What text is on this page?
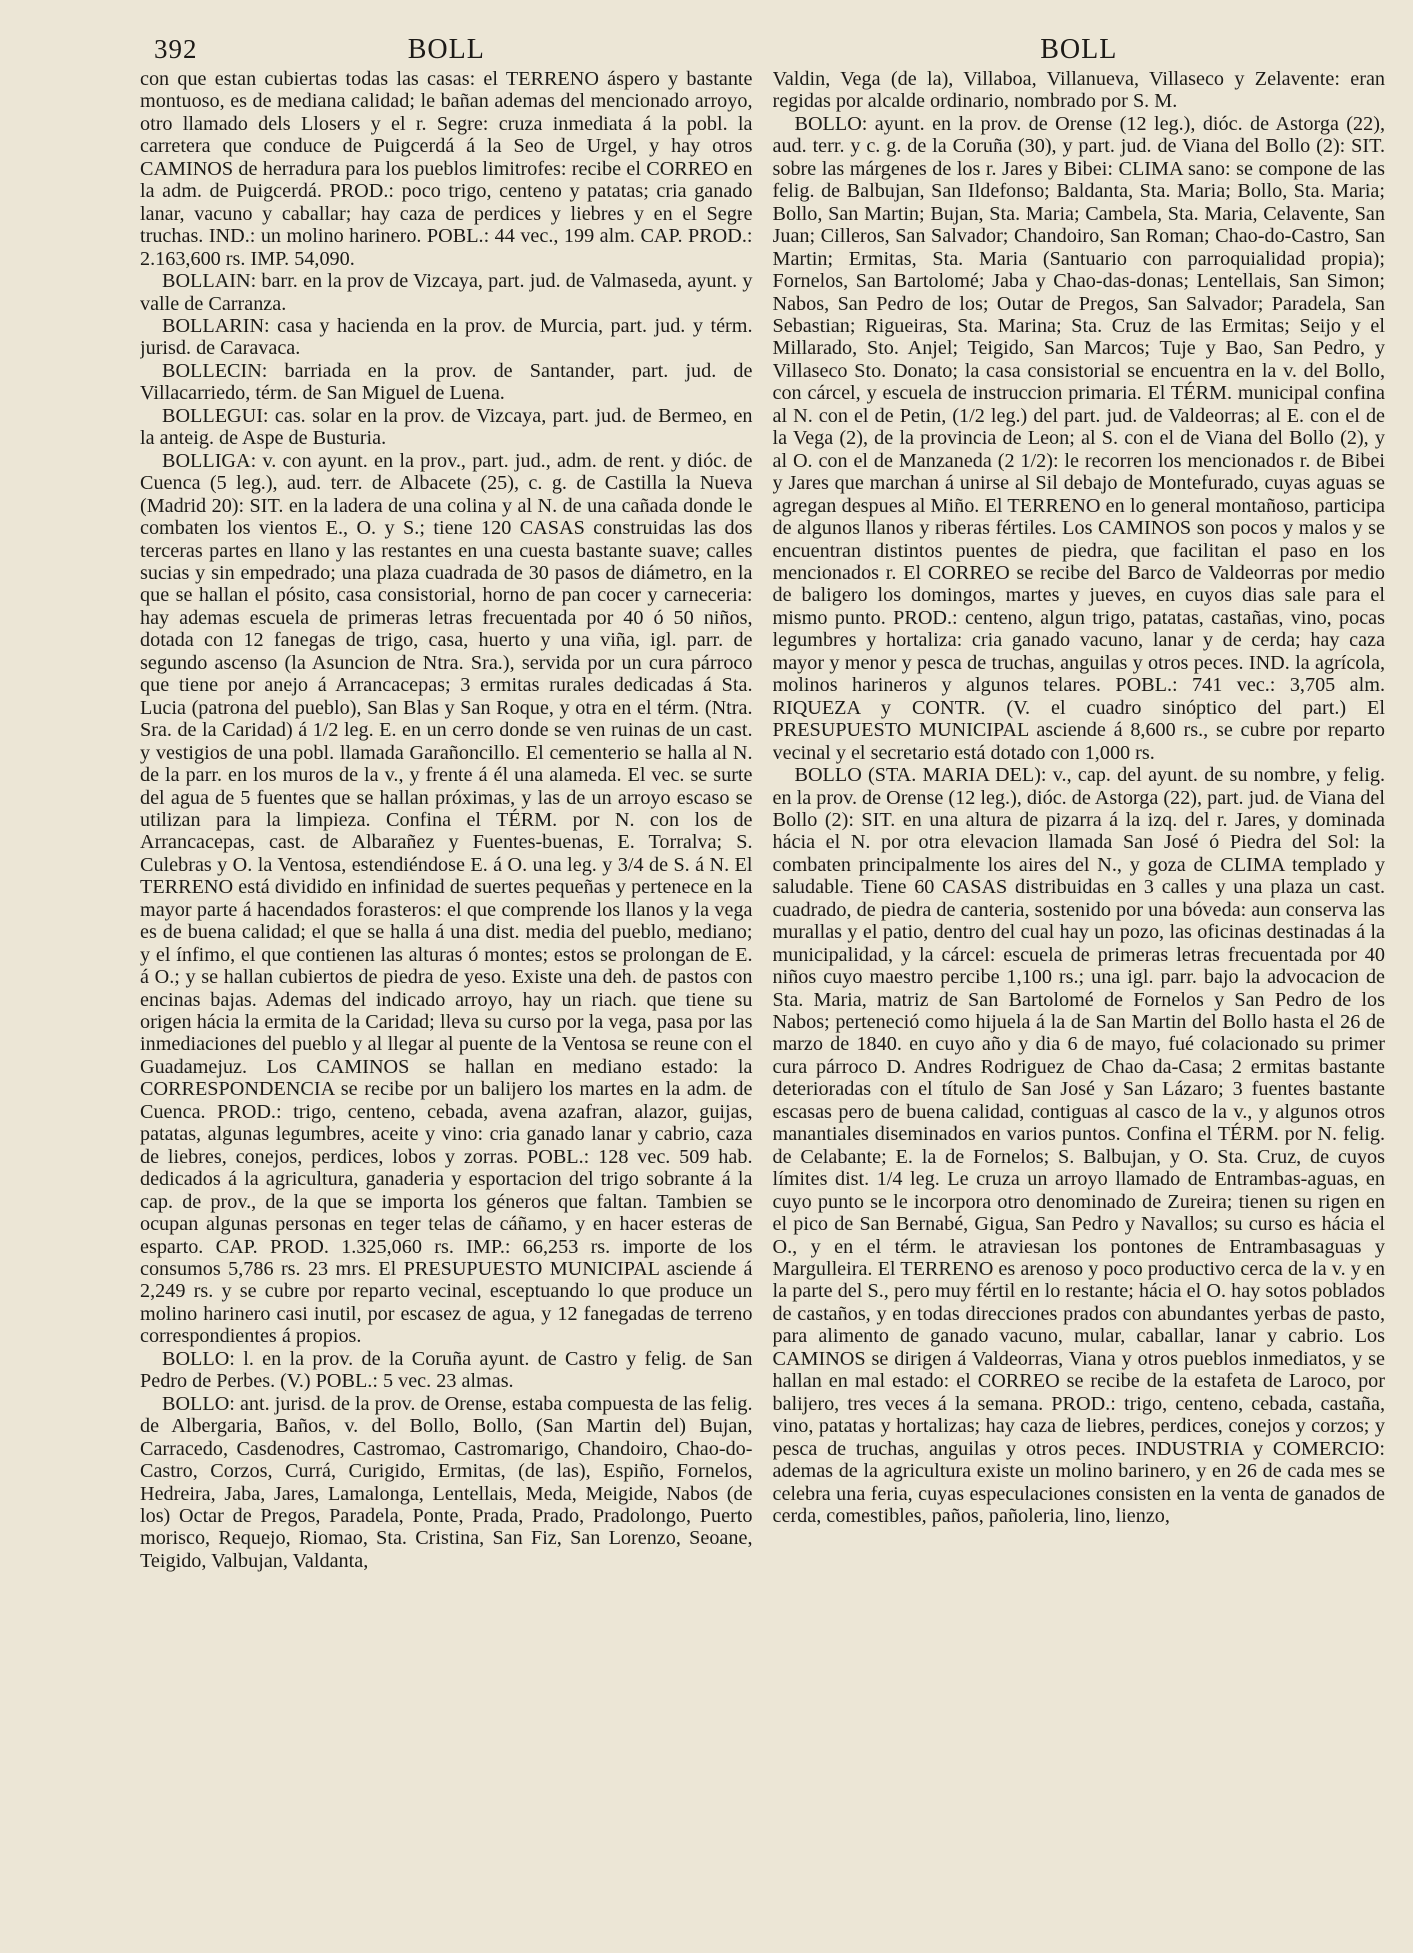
392	BOLL	BOLL

con que estan cubiertas todas las casas: el TERRENO áspero y bastante montuoso, es de mediana calidad; le bañan ademas del mencionado arroyo, otro llamado dels Llosers y el r. Segre: cruza inmediata á la pobl. la carretera que conduce de Puigcerdá á la Seo de Urgel, y hay otros CAMINOS de herradura para los pueblos limitrofes: recibe el CORREO en la adm. de Puigcerdá. PROD.: poco trigo, centeno y patatas; cria ganado lanar, vacuno y caballar; hay caza de perdices y liebres y en el Segre truchas. IND.: un molino harinero. POBL.: 44 vec., 199 alm. CAP. PROD.: 2.163,600 rs. IMP. 54,090.

BOLLAIN: barr. en la prov de Vizcaya, part. jud. de Valmaseda, ayunt. y valle de Carranza.

BOLLARIN: casa y hacienda en la prov. de Murcia, part. jud. y térm. jurisd. de Caravaca.

BOLLECIN: barriada en la prov. de Santander, part. jud. de Villacarriedo, térm. de San Miguel de Luena.

BOLLEGUI: cas. solar en la prov. de Vizcaya, part. jud. de Bermeo, en la anteig. de Aspe de Busturia.

BOLLIGA: v. con ayunt. en la prov., part. jud., adm. de rent. y dióc. de Cuenca (5 leg.), aud. terr. de Albacete (25), c. g. de Castilla la Nueva (Madrid 20): SIT. en la ladera de una colina y al N. de una cañada donde le combaten los vientos E., O. y S.; tiene 120 CASAS construidas las dos terceras partes en llano y las restantes en una cuesta bastante suave; calles sucias y sin empedrado; una plaza cuadrada de 30 pasos de diámetro, en la que se hallan el pósito, casa consistorial, horno de pan cocer y carneceria: hay ademas escuela de primeras letras frecuentada por 40 ó 50 niños, dotada con 12 fanegas de trigo, casa, huerto y una viña, igl. parr. de segundo ascenso (la Asuncion de Ntra. Sra.), servida por un cura párroco que tiene por anejo á Arrancacepas; 3 ermitas rurales dedicadas á Sta. Lucia (patrona del pueblo), San Blas y San Roque, y otra en el térm. (Ntra. Sra. de la Caridad) á 1/2 leg. E. en un cerro donde se ven ruinas de un cast. y vestigios de una pobl. llamada Garañoncillo. El cementerio se halla al N. de la parr. en los muros de la v., y frente á él una alameda. El vec. se surte del agua de 5 fuentes que se hallan próximas, y las de un arroyo escaso se utilizan para la limpieza. Confina el TÉRM. por N. con los de Arrancacepas, cast. de Albarañez y Fuentes-buenas, E. Torralva; S. Culebras y O. la Ventosa, estendiéndose E. á O. una leg. y 3/4 de S. á N. El TERRENO está dividido en infinidad de suertes pequeñas y pertenece en la mayor parte á hacendados forasteros: el que comprende los llanos y la vega es de buena calidad; el que se halla á una dist. media del pueblo, mediano; y el ínfimo, el que contienen las alturas ó montes; estos se prolongan de E. á O.; y se hallan cubiertos de piedra de yeso. Existe una deh. de pastos con encinas bajas. Ademas del indicado arroyo, hay un riach. que tiene su origen hácia la ermita de la Caridad; lleva su curso por la vega, pasa por las inmediaciones del pueblo y al llegar al puente de la Ventosa se reune con el Guadamejuz. Los CAMINOS se hallan en mediano estado: la CORRESPONDENCIA se recibe por un balijero los martes en la adm. de Cuenca. PROD.: trigo, centeno, cebada, avena azafran, alazor, guijas, patatas, algunas legumbres, aceite y vino: cria ganado lanar y cabrio, caza de liebres, conejos, perdices, lobos y zorras. POBL.: 128 vec. 509 hab. dedicados á la agricultura, ganaderia y esportacion del trigo sobrante á la cap. de prov., de la que se importa los géneros que faltan. Tambien se ocupan algunas personas en teger telas de cáñamo, y en hacer esteras de esparto. CAP. PROD. 1.325,060 rs. IMP.: 66,253 rs. importe de los consumos 5,786 rs. 23 mrs. El PRESUPUESTO MUNICIPAL asciende á 2,249 rs. y se cubre por reparto vecinal, esceptuando lo que produce un molino harinero casi inutil, por escasez de agua, y 12 fanegadas de terreno correspondientes á propios.

BOLLO: l. en la prov. de la Coruña ayunt. de Castro y felig. de San Pedro de Perbes. (V.) POBL.: 5 vec. 23 almas.

BOLLO: ant. jurisd. de la prov. de Orense, estaba compuesta de las felig. de Albergaria, Baños, v. del Bollo, Bollo, (San Martin del) Bujan, Carracedo, Casdenodres, Castromao, Castromarigo, Chandoiro, Chao-do-Castro, Corzos, Currá, Curigido, Ermitas, (de las), Espiño, Fornelos, Hedreira, Jaba, Jares, Lamalonga, Lentellais, Meda, Meigide, Nabos (de los) Octar de Pregos, Paradela, Ponte, Prada, Prado, Pradolongo, Puerto morisco, Requejo, Riomao, Sta. Cristina, San Fiz, San Lorenzo, Seoane, Teigido, Valbujan, Valdanta,

Valdin, Vega (de la), Villaboa, Villanueva, Villaseco y Zelavente: eran regidas por alcalde ordinario, nombrado por S. M.

BOLLO: ayunt. en la prov. de Orense (12 leg.), dióc. de Astorga (22), aud. terr. y c. g. de la Coruña (30), y part. jud. de Viana del Bollo (2): SIT. sobre las márgenes de los r. Jares y Bibei: CLIMA sano: se compone de las felig. de Balbujan, San Ildefonso; Baldanta, Sta. Maria; Bollo, Sta. Maria; Bollo, San Martin; Bujan, Sta. Maria; Cambela, Sta. Maria, Celavente, San Juan; Cilleros, San Salvador; Chandoiro, San Roman; Chao-do-Castro, San Martin; Ermitas, Sta. Maria (Santuario con parroquialidad propia); Fornelos, San Bartolomé; Jaba y Chao-das-donas; Lentellais, San Simon; Nabos, San Pedro de los; Outar de Pregos, San Salvador; Paradela, San Sebastian; Rigueiras, Sta. Marina; Sta. Cruz de las Ermitas; Seijo y el Millarado, Sto. Anjel; Teigido, San Marcos; Tuje y Bao, San Pedro, y Villaseco Sto. Donato; la casa consistorial se encuentra en la v. del Bollo, con cárcel, y escuela de instruccion primaria. El TÉRM. municipal confina al N. con el de Petin, (1/2 leg.) del part. jud. de Valdeorras; al E. con el de la Vega (2), de la provincia de Leon; al S. con el de Viana del Bollo (2), y al O. con el de Manzaneda (2 1/2): le recorren los mencionados r. de Bibei y Jares que marchan á unirse al Sil debajo de Montefurado, cuyas aguas se agregan despues al Miño. El TERRENO en lo general montañoso, participa de algunos llanos y riberas fértiles. Los CAMINOS son pocos y malos y se encuentran distintos puentes de piedra, que facilitan el paso en los mencionados r. El CORREO se recibe del Barco de Valdeorras por medio de baligero los domingos, martes y jueves, en cuyos dias sale para el mismo punto. PROD.: centeno, algun trigo, patatas, castañas, vino, pocas legumbres y hortaliza: cria ganado vacuno, lanar y de cerda; hay caza mayor y menor y pesca de truchas, anguilas y otros peces. IND. la agrícola, molinos harineros y algunos telares. POBL.: 741 vec.: 3,705 alm. RIQUEZA y CONTR. (V. el cuadro sinóptico del part.) El PRESUPUESTO MUNICIPAL asciende á 8,600 rs., se cubre por reparto vecinal y el secretario está dotado con 1,000 rs.

BOLLO (STA. MARIA DEL): v., cap. del ayunt. de su nombre, y felig. en la prov. de Orense (12 leg.), dióc. de Astorga (22), part. jud. de Viana del Bollo (2): SIT. en una altura de pizarra á la izq. del r. Jares, y dominada hácia el N. por otra elevacion llamada San José ó Piedra del Sol: la combaten principalmente los aires del N., y goza de CLIMA templado y saludable. Tiene 60 CASAS distribuidas en 3 calles y una plaza un cast. cuadrado, de piedra de canteria, sostenido por una bóveda: aun conserva las murallas y el patio, dentro del cual hay un pozo, las oficinas destinadas á la municipalidad, y la cárcel: escuela de primeras letras frecuentada por 40 niños cuyo maestro percibe 1,100 rs.; una igl. parr. bajo la advocacion de Sta. Maria, matriz de San Bartolomé de Fornelos y San Pedro de los Nabos; perteneció como hijuela á la de San Martin del Bollo hasta el 26 de marzo de 1840. en cuyo año y dia 6 de mayo, fué colacionado su primer cura párroco D. Andres Rodriguez de Chao da-Casa; 2 ermitas bastante deterioradas con el título de San José y San Lázaro; 3 fuentes bastante escasas pero de buena calidad, contiguas al casco de la v., y algunos otros manantiales diseminados en varios puntos. Confina el TÉRM. por N. felig. de Celabante; E. la de Fornelos; S. Balbujan, y O. Sta. Cruz, de cuyos límites dist. 1/4 leg. Le cruza un arroyo llamado de Entrambas-aguas, en cuyo punto se le incorpora otro denominado de Zureira; tienen su rigen en el pico de San Bernabé, Gigua, San Pedro y Navallos; su curso es hácia el O., y en el térm. le atraviesan los pontones de Entrambasaguas y Margulleira. El TERRENO es arenoso y poco productivo cerca de la v. y en la parte del S., pero muy fértil en lo restante; hácia el O. hay sotos poblados de castaños, y en todas direcciones prados con abundantes yerbas de pasto, para alimento de ganado vacuno, mular, caballar, lanar y cabrio. Los CAMINOS se dirigen á Valdeorras, Viana y otros pueblos inmediatos, y se hallan en mal estado: el CORREO se recibe de la estafeta de Laroco, por balijero, tres veces á la semana. PROD.: trigo, centeno, cebada, castaña, vino, patatas y hortalizas; hay caza de liebres, perdices, conejos y corzos; y pesca de truchas, anguilas y otros peces. INDUSTRIA y COMERCIO: ademas de la agricultura existe un molino barinero, y en 26 de cada mes se celebra una feria, cuyas especulaciones consisten en la venta de ganados de cerda, comestibles, paños, pañoleria, lino, lienzo,
